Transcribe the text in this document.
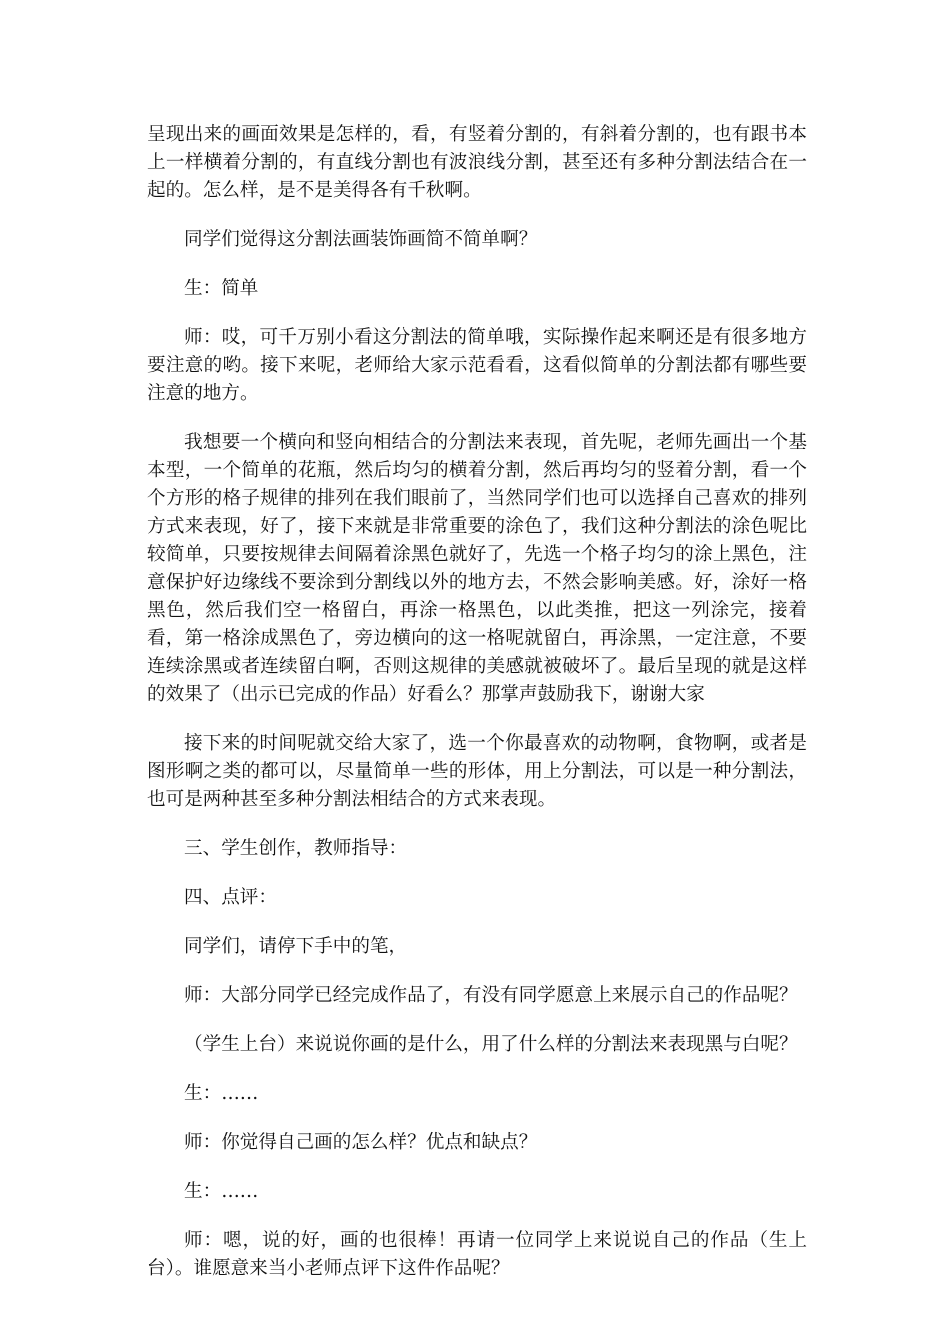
呈现出来的画面效果是怎样的，看，有竖着分割的，有斜着分割的，也有跟书本上一样横着分割的，有直线分割也有波浪线分割，甚至还有多种分割法结合在一起的。怎么样，是不是美得各有千秋啊。

同学们觉得这分割法画装饰画简不简单啊？

生：简单

师：哎，可千万别小看这分割法的简单哦，实际操作起来啊还是有很多地方要注意的哟。接下来呢，老师给大家示范看看，这看似简单的分割法都有哪些要注意的地方。

我想要一个横向和竖向相结合的分割法来表现，首先呢，老师先画出一个基本型，一个简单的花瓶，然后均匀的横着分割，然后再均匀的竖着分割，看一个个方形的格子规律的排列在我们眼前了，当然同学们也可以选择自己喜欢的排列方式来表现，好了，接下来就是非常重要的涂色了，我们这种分割法的涂色呢比较简单，只要按规律去间隔着涂黑色就好了，先选一个格子均匀的涂上黑色，注意保护好边缘线不要涂到分割线以外的地方去，不然会影响美感。好，涂好一格黑色，然后我们空一格留白，再涂一格黑色，以此类推，把这一列涂完，接着看，第一格涂成黑色了，旁边横向的这一格呢就留白，再涂黑，一定注意，不要连续涂黑或者连续留白啊，否则这规律的美感就被破坏了。最后呈现的就是这样的效果了（出示已完成的作品）好看么？那掌声鼓励我下，谢谢大家

接下来的时间呢就交给大家了，选一个你最喜欢的动物啊，食物啊，或者是图形啊之类的都可以，尽量简单一些的形体，用上分割法，可以是一种分割法，也可是两种甚至多种分割法相结合的方式来表现。

三、学生创作，教师指导：

四、点评：

同学们，请停下手中的笔，

师：大部分同学已经完成作品了，有没有同学愿意上来展示自己的作品呢？

（学生上台）来说说你画的是什么，用了什么样的分割法来表现黑与白呢？

生：……

师：你觉得自己画的怎么样？优点和缺点？

生：……

师：嗯，说的好，画的也很棒！再请一位同学上来说说自己的作品（生上台）。谁愿意来当小老师点评下这件作品呢？
